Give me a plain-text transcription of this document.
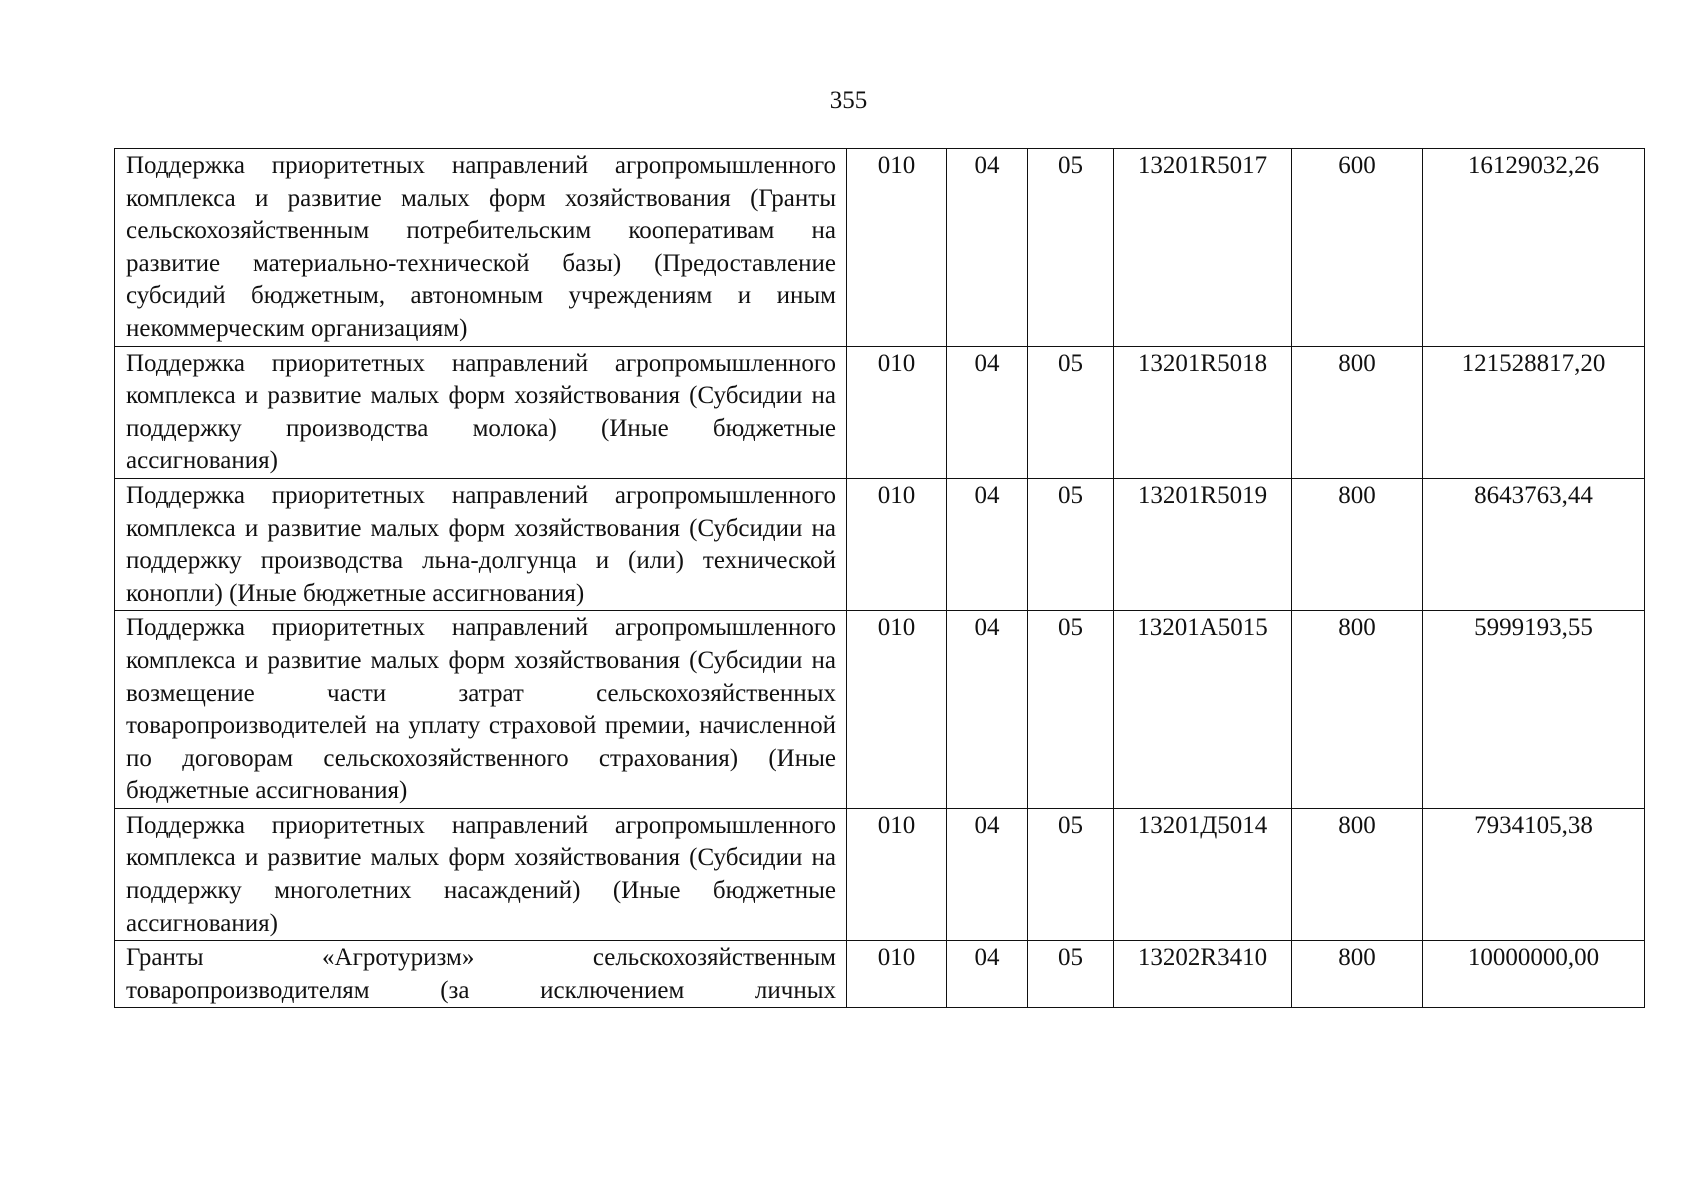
355
Поддержка приоритетных направлений агропромышленного комплекса и развитие малых форм хозяйствования (Гранты сельскохозяйственным потребительским кооперативам на развитие материально-технической базы) (Предоставление субсидий бюджетным, автономным учреждениям и иным некоммерческим организациям)	010	04	05	13201R5017	600	16129032,26
Поддержка приоритетных направлений агропромышленного комплекса и развитие малых форм хозяйствования (Субсидии на поддержку производства молока) (Иные бюджетные ассигнования)	010	04	05	13201R5018	800	121528817,20
Поддержка приоритетных направлений агропромышленного комплекса и развитие малых форм хозяйствования (Субсидии на поддержку производства льна-долгунца и (или) технической конопли) (Иные бюджетные ассигнования)	010	04	05	13201R5019	800	8643763,44
Поддержка приоритетных направлений агропромышленного комплекса и развитие малых форм хозяйствования (Субсидии на возмещение части затрат сельскохозяйственных товаропроизводителей на уплату страховой премии, начисленной по договорам сельскохозяйственного страхования) (Иные бюджетные ассигнования)	010	04	05	13201А5015	800	5999193,55
Поддержка приоритетных направлений агропромышленного комплекса и развитие малых форм хозяйствования (Субсидии на поддержку многолетних насаждений) (Иные бюджетные ассигнования)	010	04	05	13201Д5014	800	7934105,38
Гранты «Агротуризм» сельскохозяйственным товаропроизводителям (за исключением личных	010	04	05	13202R3410	800	10000000,00
